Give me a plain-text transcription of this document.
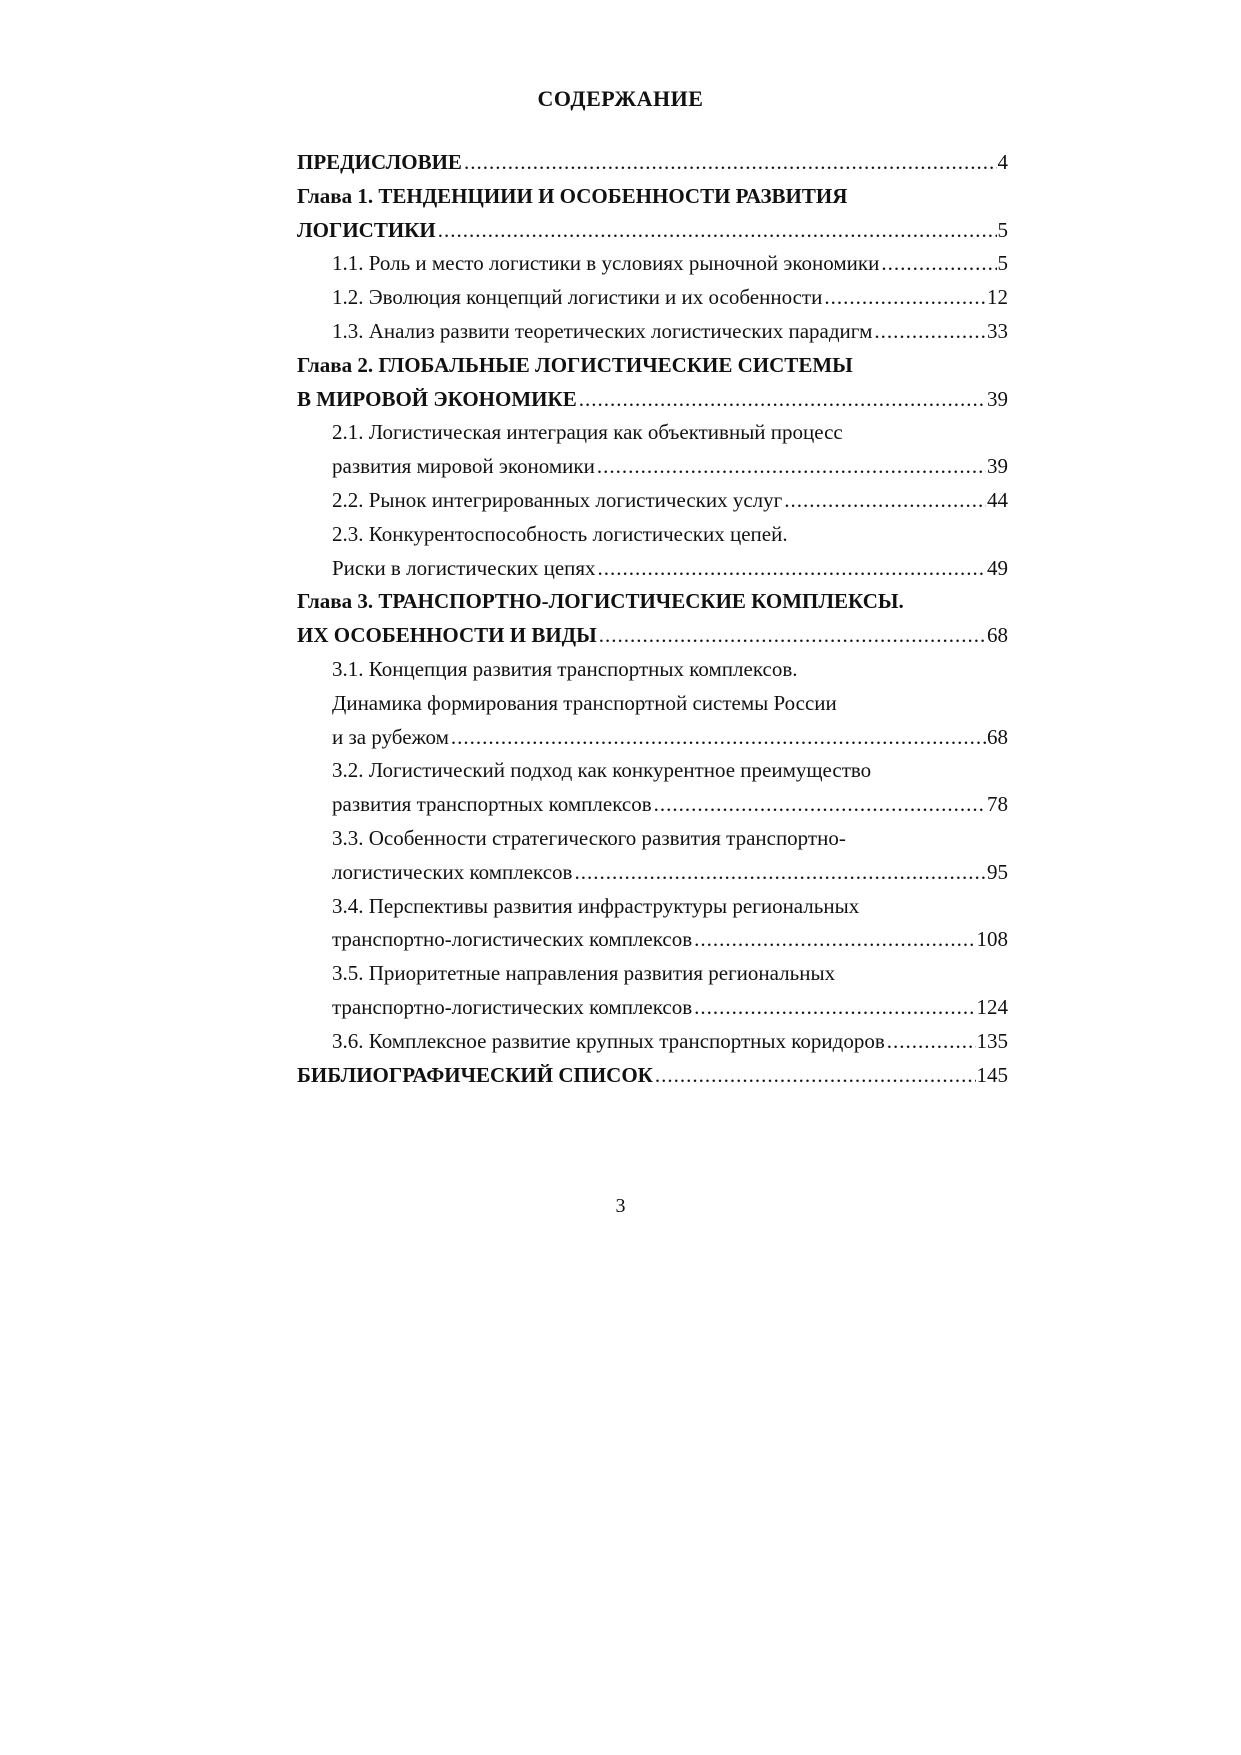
СОДЕРЖАНИЕ
ПРЕДИСЛОВИЕ .....	4
Глава 1. ТЕНДЕНЦИИИ И ОСОБЕННОСТИ РАЗВИТИЯ
ЛОГИСТИКИ .....	5
1.1. Роль и место логистики в условиях рыночной экономики .....	5
1.2. Эволюция концепций логистики и их особенности .....	12
1.3. Анализ развити теоретических логистических парадигм .....	33
Глава 2. ГЛОБАЛЬНЫЕ ЛОГИСТИЧЕСКИЕ СИСТЕМЫ
В МИРОВОЙ ЭКОНОМИКЕ .....	39
2.1. Логистическая интеграция как объективный процесс
развития мировой экономики .....	39
2.2. Рынок интегрированных логистических услуг .....	44
2.3. Конкурентоспособность логистических цепей.
Риски в логистических цепях .....	49
Глава 3. ТРАНСПОРТНО-ЛОГИСТИЧЕСКИЕ КОМПЛЕКСЫ.
ИХ ОСОБЕННОСТИ И ВИДЫ .....	68
3.1. Концепция развития транспортных комплексов.
Динамика формирования транспортной системы России
и за рубежом .....	68
3.2. Логистический подход как конкурентное преимущество
развития транспортных комплексов .....	78
3.3. Особенности стратегического развития транспортно-
логистических комплексов .....	95
3.4. Перспективы развития инфраструктуры региональных
транспортно-логистических комплексов .....	108
3.5. Приоритетные направления развития региональных
транспортно-логистических комплексов .....	124
3.6. Комплексное развитие крупных транспортных коридоров .....	135
БИБЛИОГРАФИЧЕСКИЙ СПИСОК .....	145
3
